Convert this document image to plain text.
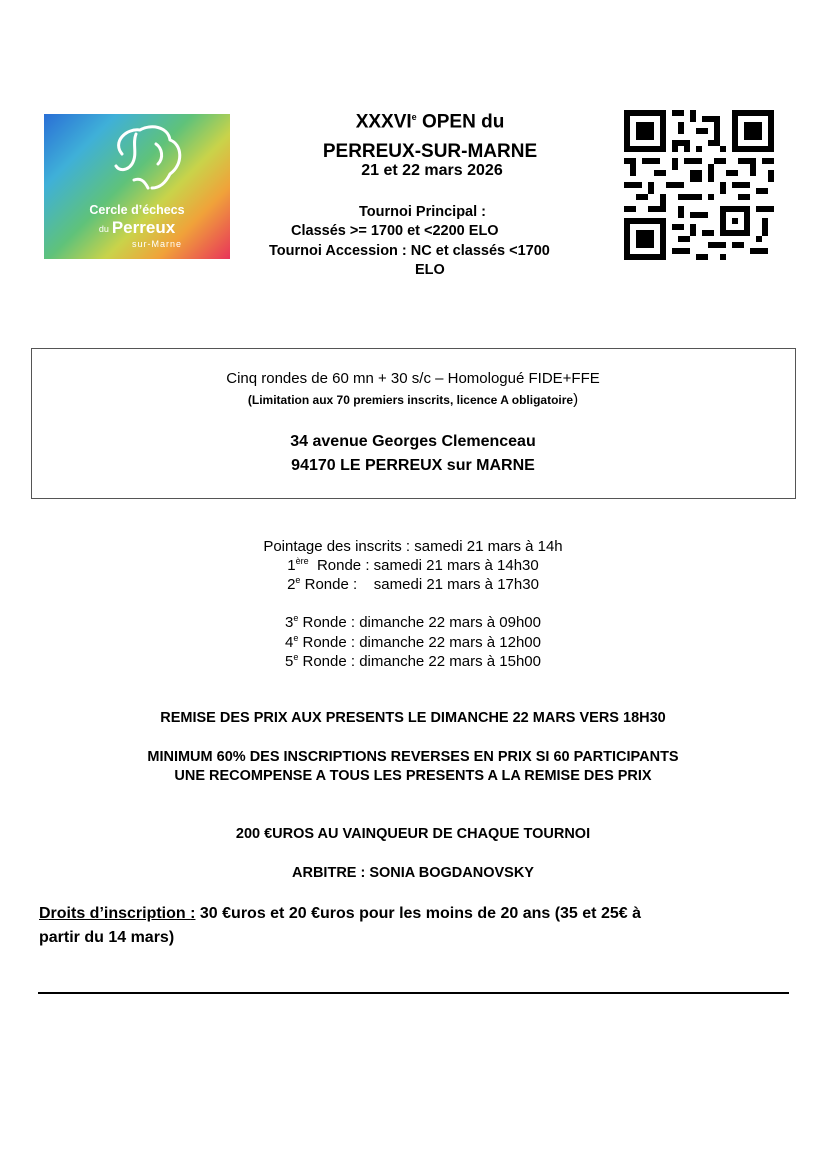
Cercle d’échecs
du Perreux
sur-Marne
XXXVIe OPEN du
PERREUX-SUR-MARNE
21 et 22 mars 2026
Tournoi Principal :
Classés >= 1700 et <2200 ELO
Tournoi Accession : NC et classés <1700
ELO
Cinq rondes de 60 mn + 30 s/c – Homologué FIDE+FFE
(Limitation aux 70 premiers inscrits, licence A obligatoire)
34 avenue Georges Clemenceau
94170 LE PERREUX sur MARNE
Pointage des inscrits : samedi 21 mars à 14h
1ère  Ronde : samedi 21 mars à 14h30
2e Ronde :    samedi 21 mars à 17h30
3e Ronde : dimanche 22 mars à 09h00
4e Ronde : dimanche 22 mars à 12h00
5e Ronde : dimanche 22 mars à 15h00
REMISE DES PRIX AUX PRESENTS LE DIMANCHE 22 MARS VERS 18H30
MINIMUM 60% DES INSCRIPTIONS REVERSES EN PRIX SI 60 PARTICIPANTS
UNE RECOMPENSE A TOUS LES PRESENTS A LA REMISE DES PRIX
200 €UROS AU VAINQUEUR DE CHAQUE TOURNOI
ARBITRE : SONIA BOGDANOVSKY
Droits d’inscription : 30 €uros et 20 €uros pour les moins de 20 ans (35 et 25€ à
partir du 14 mars)
